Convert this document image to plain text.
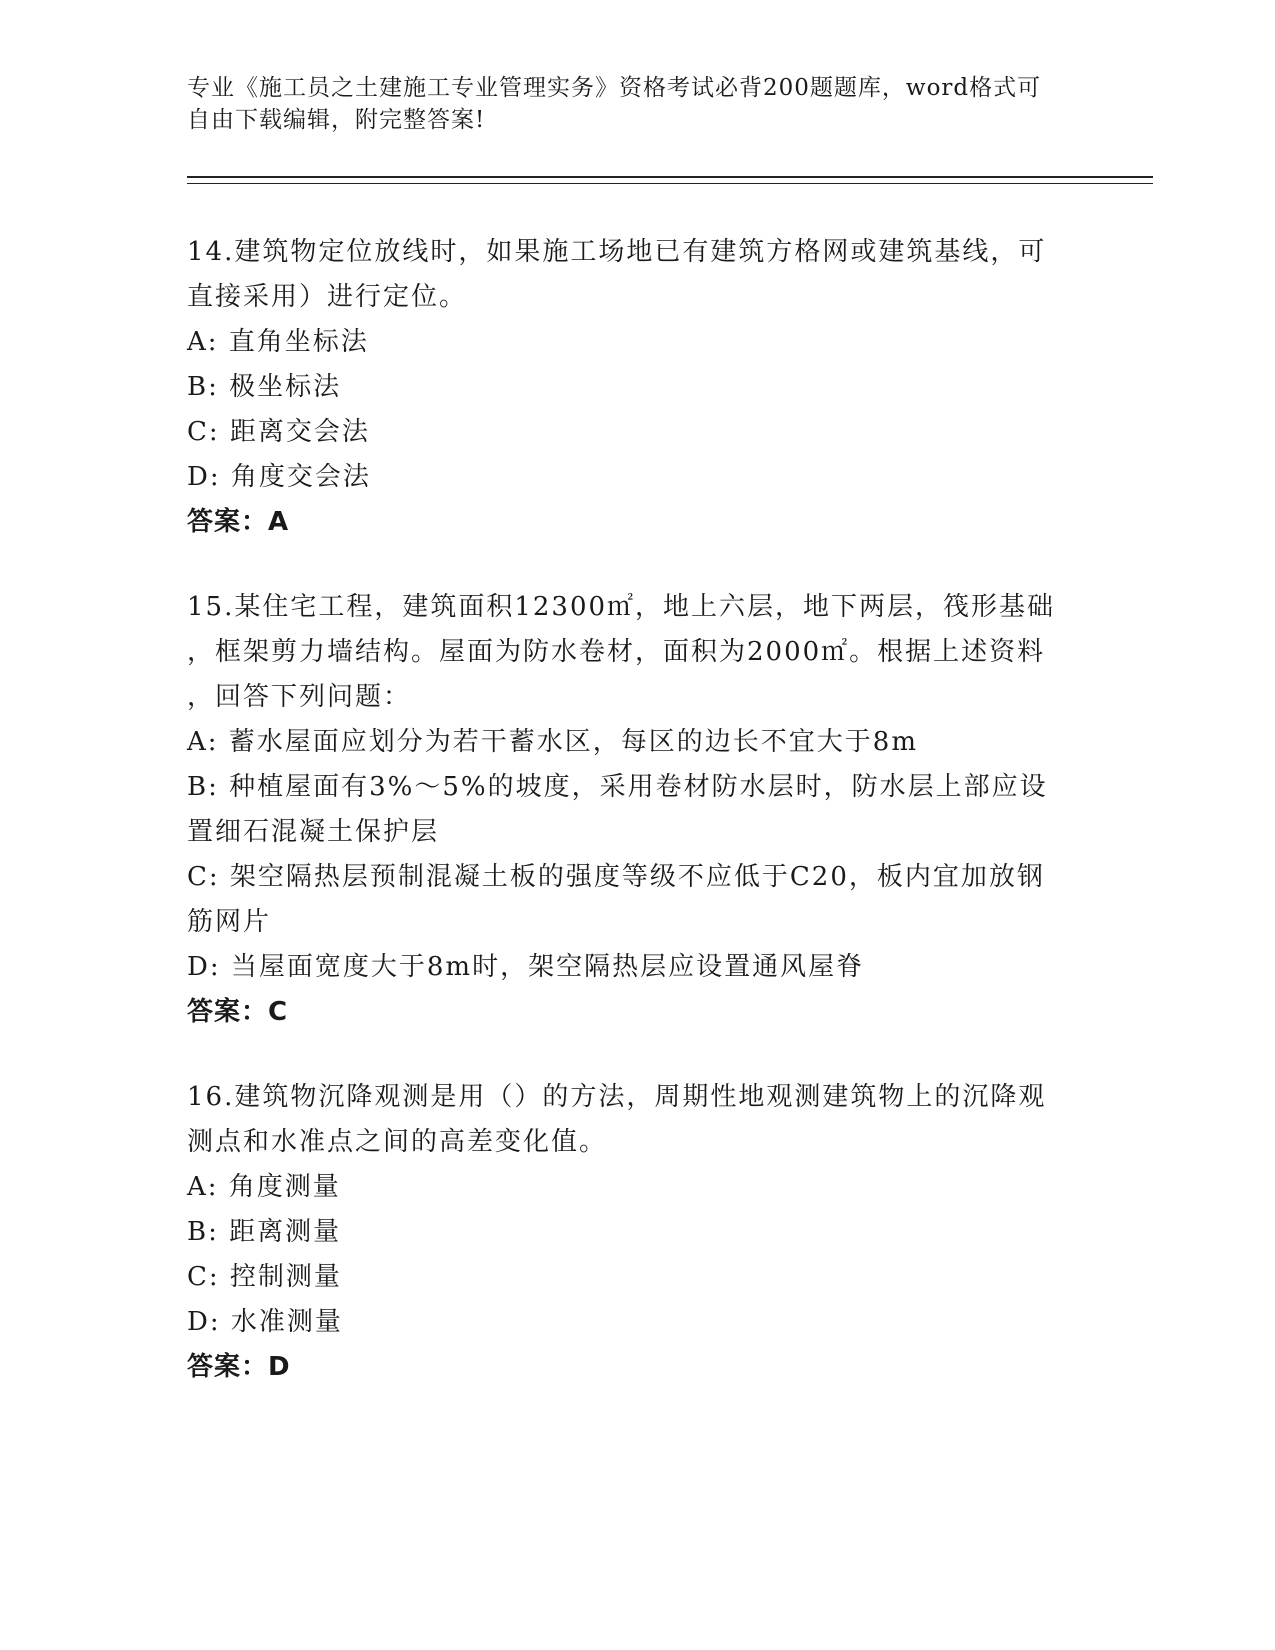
专业《施工员之土建施工专业管理实务》资格考试必背200题题库，word格式可
自由下载编辑，附完整答案!
14.建筑物定位放线时，如果施工场地已有建筑方格网或建筑基线，可
直接采用）进行定位。
A: 直角坐标法
B: 极坐标法
C: 距离交会法
D: 角度交会法
答案：A
15.某住宅工程，建筑面积12300㎡，地上六层，地下两层，筏形基础
，框架剪力墙结构。屋面为防水卷材，面积为2000㎡。根据上述资料
，回答下列问题：
A: 蓄水屋面应划分为若干蓄水区，每区的边长不宜大于8m
B: 种植屋面有3%～5%的坡度，采用卷材防水层时，防水层上部应设
置细石混凝土保护层
C: 架空隔热层预制混凝土板的强度等级不应低于C20，板内宜加放钢
筋网片
D: 当屋面宽度大于8m时，架空隔热层应设置通风屋脊
答案：C
16.建筑物沉降观测是用（）的方法，周期性地观测建筑物上的沉降观
测点和水准点之间的高差变化值。
A: 角度测量
B: 距离测量
C: 控制测量
D: 水准测量
答案：D
